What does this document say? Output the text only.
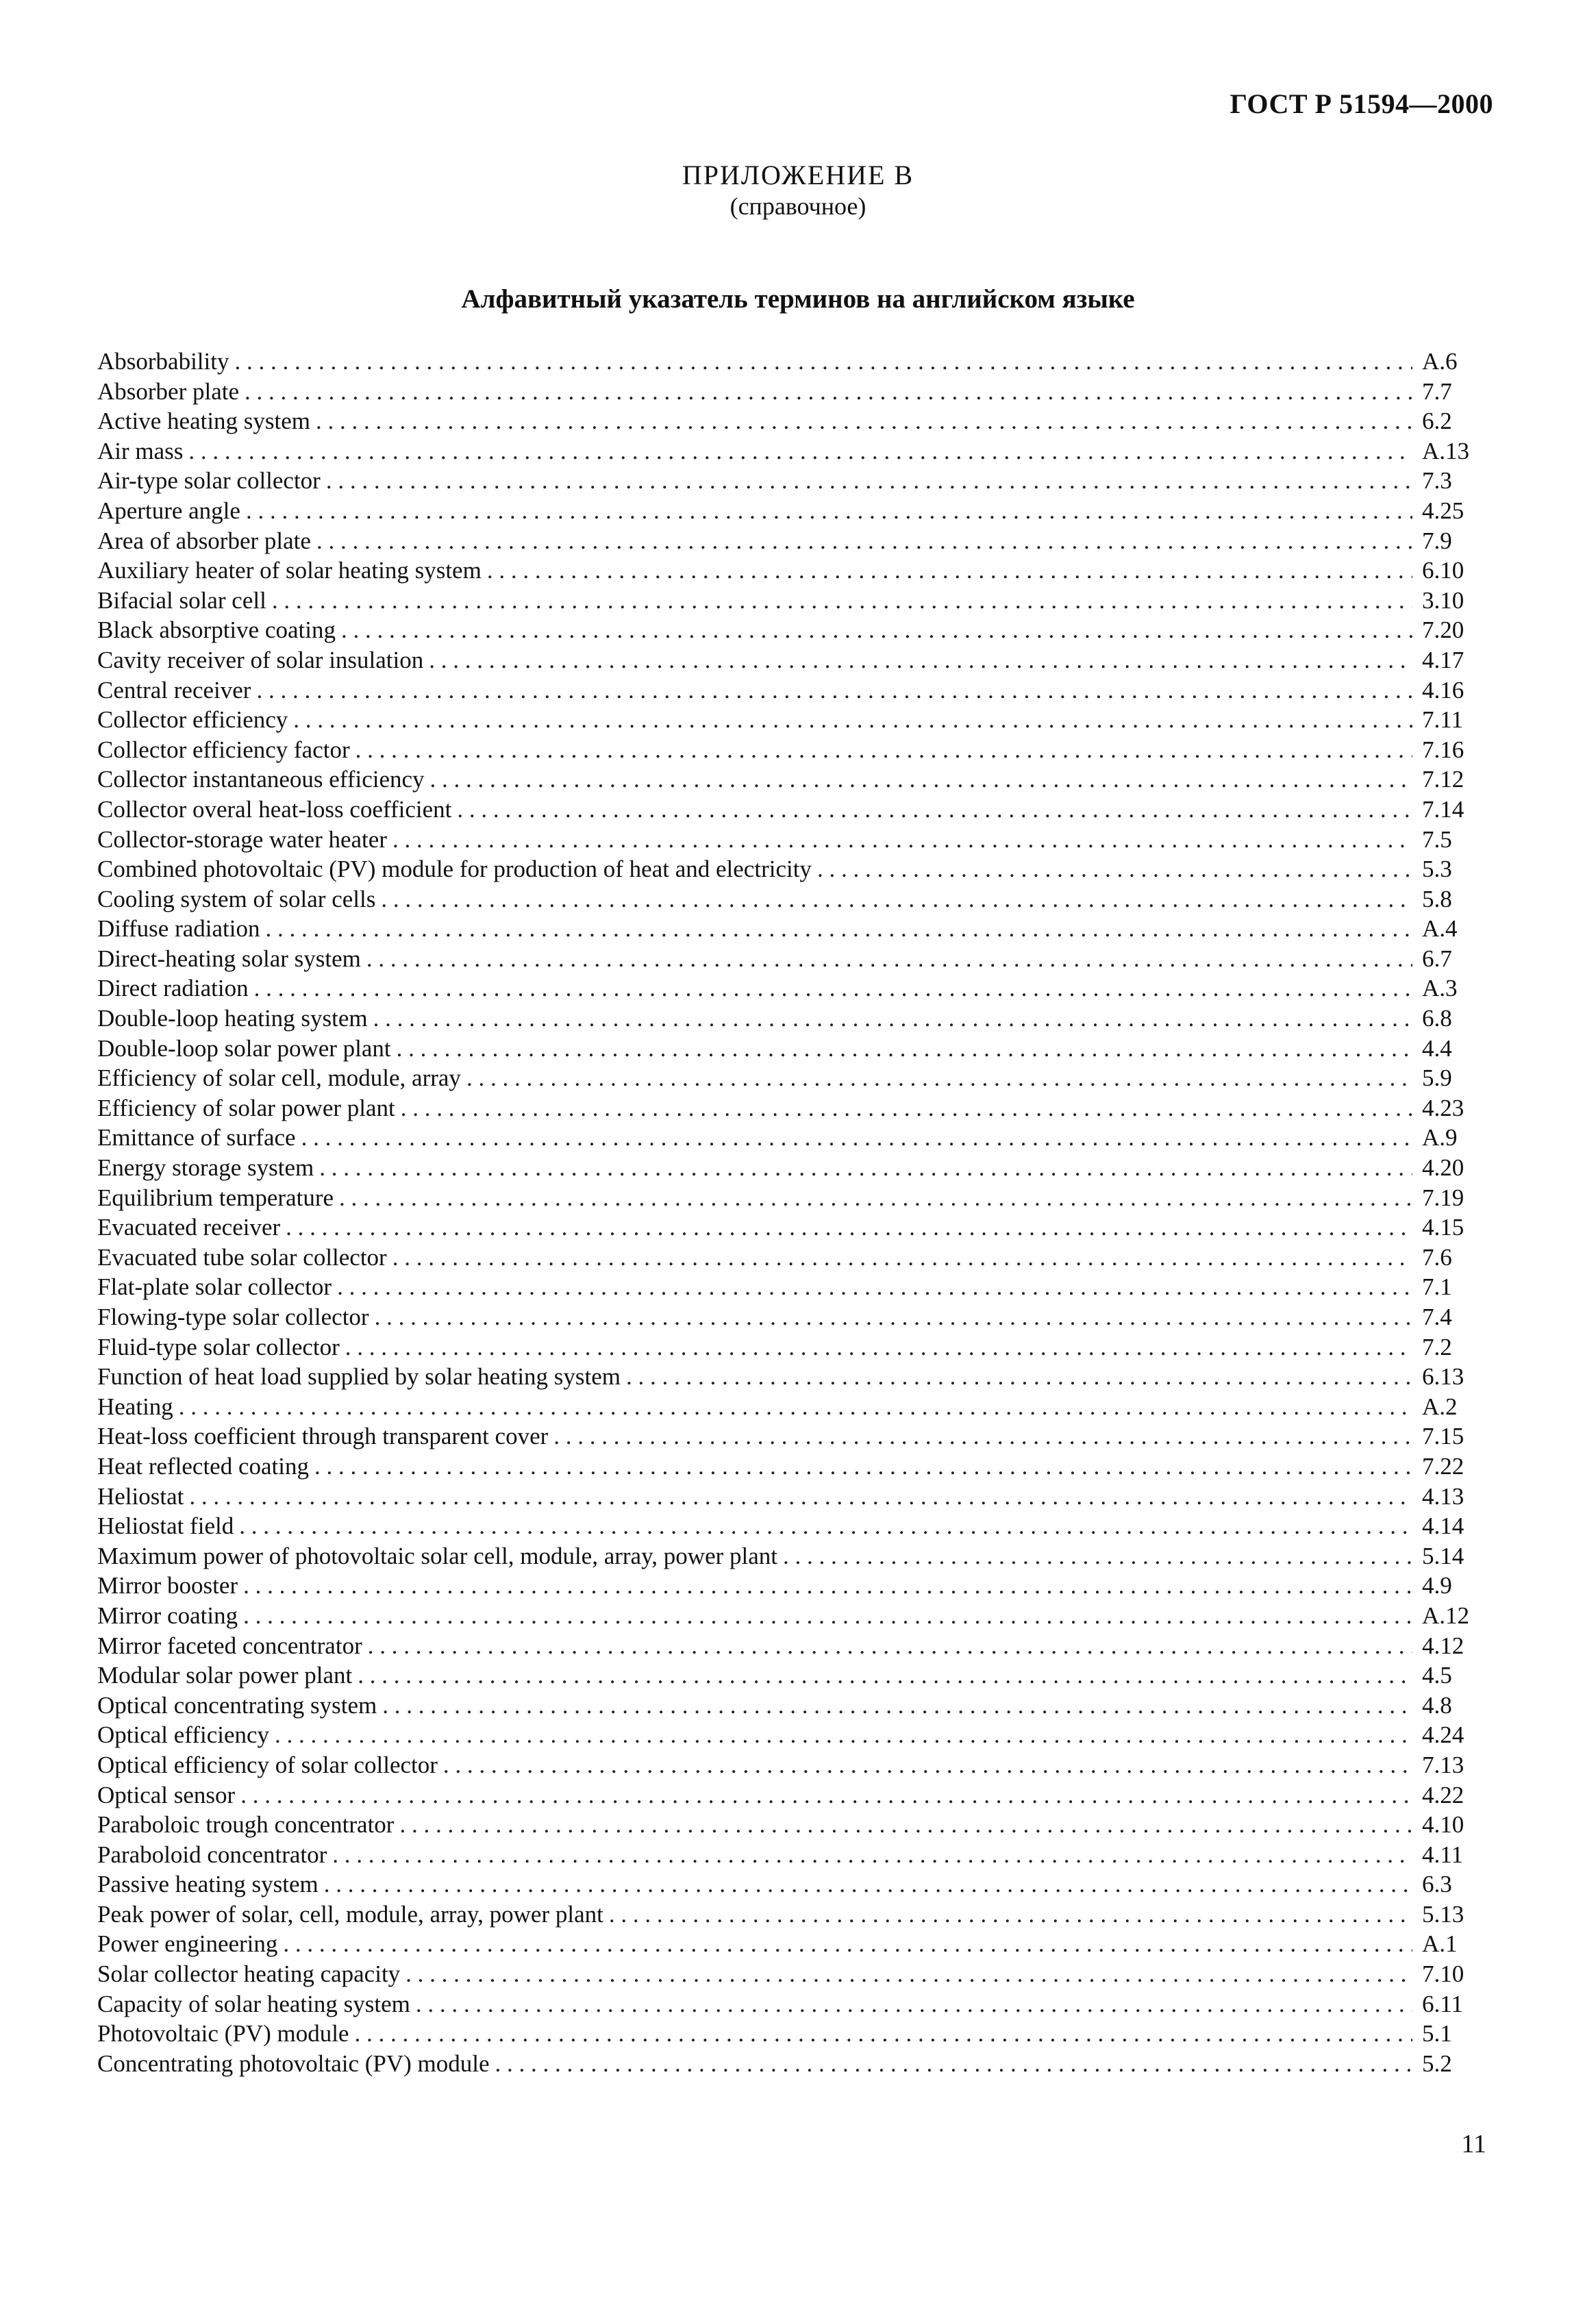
ГОСТ Р 51594—2000
ПРИЛОЖЕНИЕ В
(справочное)
Алфавитный указатель терминов на английском языке
Absorbability . . .	A.6
Absorber plate . . .	7.7
Active heating system . . .	6.2
Air mass . . .	A.13
Air-type solar collector . . .	7.3
Aperture angle . . .	4.25
Area of absorber plate . . .	7.9
Auxiliary heater of solar heating system . . .	6.10
Bifacial solar cell . . .	3.10
Black absorptive coating . . .	7.20
Cavity receiver of solar insulation . . .	4.17
Central receiver . . .	4.16
Collector efficiency . . .	7.11
Collector efficiency factor . . .	7.16
Collector instantaneous efficiency . . .	7.12
Collector overal heat-loss coefficient . . .	7.14
Collector-storage water heater . . .	7.5
Combined photovoltaic (PV) module for production of heat and electricity . . .	5.3
Cooling system of solar cells . . .	5.8
Diffuse radiation . . .	A.4
Direct-heating solar system . . .	6.7
Direct radiation . . .	A.3
Double-loop heating system . . .	6.8
Double-loop solar power plant . . .	4.4
Efficiency of solar cell, module, array . . .	5.9
Efficiency of solar power plant . . .	4.23
Emittance of surface . . .	A.9
Energy storage system . . .	4.20
Equilibrium temperature . . .	7.19
Evacuated receiver . . .	4.15
Evacuated tube solar collector . . .	7.6
Flat-plate solar collector . . .	7.1
Flowing-type solar collector . . .	7.4
Fluid-type solar collector . . .	7.2
Function of heat load supplied by solar heating system . . .	6.13
Heating . . .	A.2
Heat-loss coefficient through transparent cover . . .	7.15
Heat reflected coating . . .	7.22
Heliostat . . .	4.13
Heliostat field . . .	4.14
Maximum power of photovoltaic solar cell, module, array, power plant . . .	5.14
Mirror booster . . .	4.9
Mirror coating . . .	A.12
Mirror faceted concentrator . . .	4.12
Modular solar power plant . . .	4.5
Optical concentrating system . . .	4.8
Optical efficiency . . .	4.24
Optical efficiency of solar collector . . .	7.13
Optical sensor . . .	4.22
Paraboloic trough concentrator . . .	4.10
Paraboloid concentrator . . .	4.11
Passive heating system . . .	6.3
Peak power of solar, cell, module, array, power plant . . .	5.13
Power engineering . . .	A.1
Solar collector heating capacity . . .	7.10
Capacity of solar heating system . . .	6.11
Photovoltaic (PV) module . . .	5.1
Concentrating photovoltaic (PV) module . . .	5.2
11
